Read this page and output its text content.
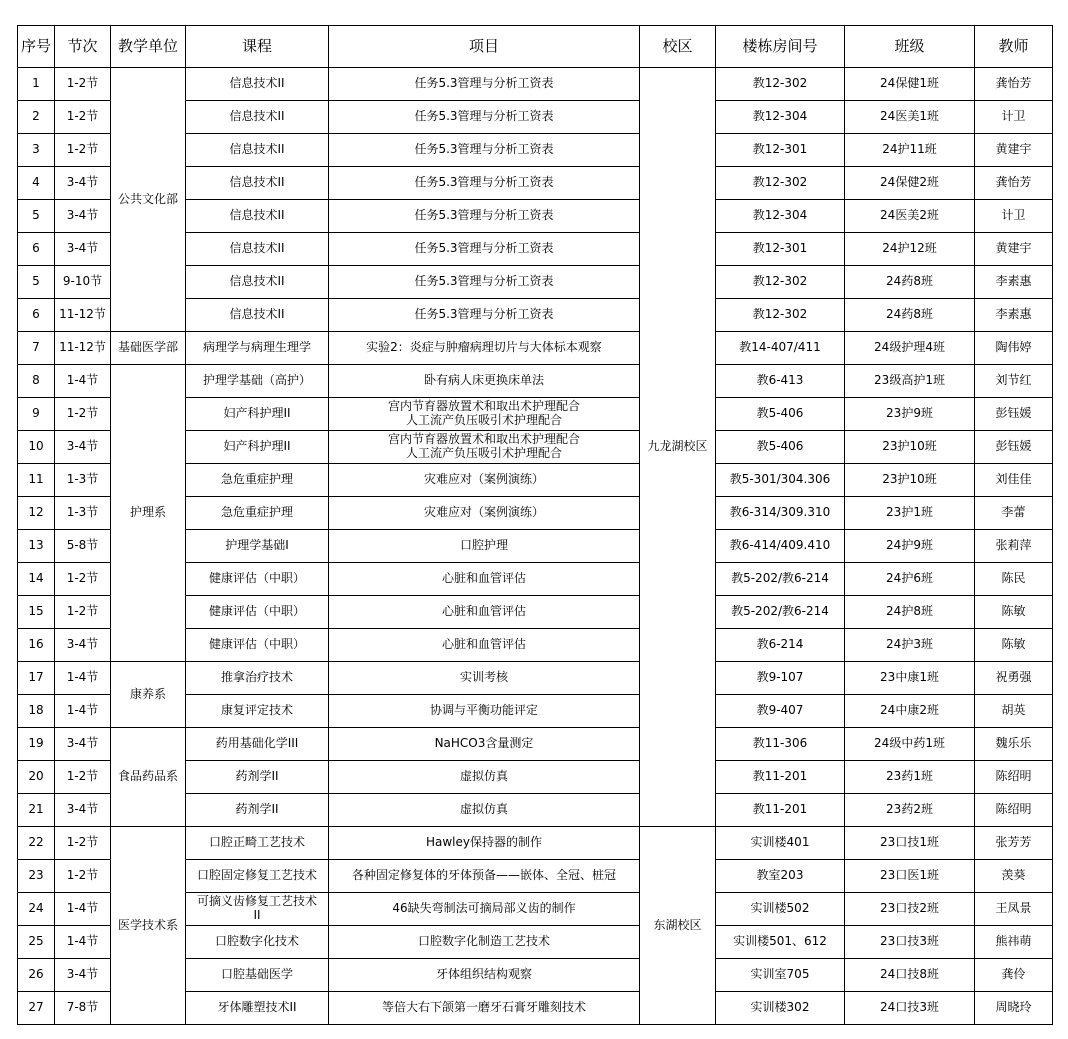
序号	节次	教学单位	课程	项目	校区	楼栋房间号	班级	教师
1	1-2节	公共文化部	信息技术II	任务5.3管理与分析工资表	九龙湖校区	教12-302	24保健1班	龚怡芳
2	1-2节		信息技术II	任务5.3管理与分析工资表		教12-304	24医美1班	计卫
3	1-2节		信息技术II	任务5.3管理与分析工资表		教12-301	24护11班	黄建宇
4	3-4节		信息技术II	任务5.3管理与分析工资表		教12-302	24保健2班	龚怡芳
5	3-4节		信息技术II	任务5.3管理与分析工资表		教12-304	24医美2班	计卫
6	3-4节		信息技术II	任务5.3管理与分析工资表		教12-301	24护12班	黄建宇
5	9-10节		信息技术II	任务5.3管理与分析工资表		教12-302	24药8班	李素惠
6	11-12节		信息技术II	任务5.3管理与分析工资表		教12-302	24药8班	李素惠
7	11-12节	基础医学部	病理学与病理生理学	实验2：炎症与肿瘤病理切片与大体标本观察		教14-407/411	24级护理4班	陶伟婷
8	1-4节	护理系	护理学基础（高护）	卧有病人床更换床单法		教6-413	23级高护1班	刘节红
9	1-2节		妇产科护理II	宫内节育器放置术和取出术护理配合
人工流产负压吸引术护理配合		教5-406	23护9班	彭钰媛
10	3-4节		妇产科护理II	宫内节育器放置术和取出术护理配合
人工流产负压吸引术护理配合		教5-406	23护10班	彭钰媛
11	1-3节		急危重症护理	灾难应对（案例演练）		教5-301/304.306	23护10班	刘佳佳
12	1-3节		急危重症护理	灾难应对（案例演练）		教6-314/309.310	23护1班	李蕾
13	5-8节		护理学基础I	口腔护理		教6-414/409.410	24护9班	张莉萍
14	1-2节		健康评估（中职）	心脏和血管评估		教5-202/教6-214	24护6班	陈民
15	1-2节		健康评估（中职）	心脏和血管评估		教5-202/教6-214	24护8班	陈敏
16	3-4节		健康评估（中职）	心脏和血管评估		教6-214	24护3班	陈敏
17	1-4节	康养系	推拿治疗技术	实训考核		教9-107	23中康1班	祝勇强
18	1-4节		康复评定技术	协调与平衡功能评定		教9-407	24中康2班	胡英
19	3-4节	食品药品系	药用基础化学III	NaHCO3含量测定		教11-306	24级中药1班	魏乐乐
20	1-2节		药剂学II	虚拟仿真		教11-201	23药1班	陈绍明
21	3-4节		药剂学II	虚拟仿真		教11-201	23药2班	陈绍明
22	1-2节	医学技术系	口腔正畸工艺技术	Hawley保持器的制作	东湖校区	实训楼401	23口技1班	张芳芳
23	1-2节		口腔固定修复工艺技术	各种固定修复体的牙体预备——嵌体、全冠、桩冠		教室203	23口医1班	羡葵
24	1-4节		可摘义齿修复工艺技术
II	46缺失弯制法可摘局部义齿的制作		实训楼502	23口技2班	王凤景
25	1-4节		口腔数字化技术	口腔数字化制造工艺技术		实训楼501、612	23口技3班	熊祎萌
26	3-4节		口腔基础医学	牙体组织结构观察		实训室705	24口技8班	龚伶
27	7-8节		牙体雕塑技术II	等倍大右下颌第一磨牙石膏牙雕刻技术		实训楼302	24口技3班	周晓玲
